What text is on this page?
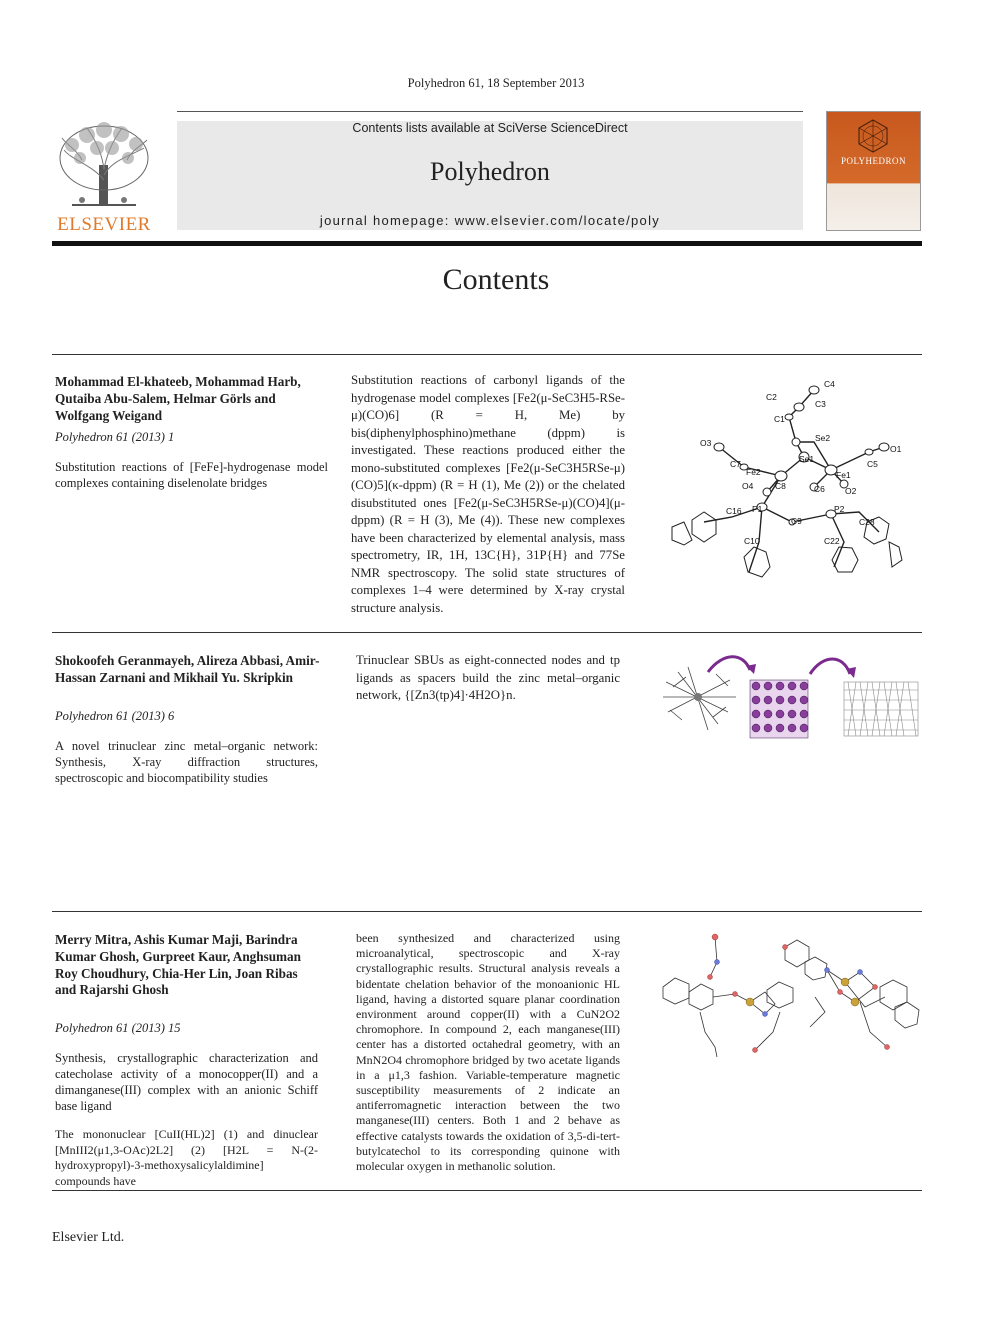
Polyhedron 61, 18 September 2013
ELSEVIER
Contents lists available at SciVerse ScienceDirect
Polyhedron
journal homepage: www.elsevier.com/locate/poly
POLYHEDRON
Contents
Mohammad El-khateeb, Mohammad Harb, Qutaiba Abu-Salem, Helmar Görls and Wolfgang Weigand
Polyhedron 61 (2013) 1
Substitution reactions of [FeFe]-hydrogenase model complexes containing diselenolate bridges
Substitution reactions of carbonyl ligands of the hydrogenase model complexes [Fe2(μ-SeC3H5-RSe-μ)(CO)6] (R = H, Me) by bis(diphenylphosphino)methane (dppm) is investigated. These reactions produced either the mono-substituted complexes [Fe2(μ-SeC3H5RSe-μ)(CO)5](κ-dppm) (R = H (1), Me (2)) or the chelated disubstituted ones [Fe2(μ-SeC3H5RSe-μ)(CO)4](μ-dppm) (R = H (3), Me (4)). These new complexes have been characterized by elemental analysis, mass spectrometry, IR, 1H, 13C{H}, 31P{H} and 77Se NMR spectroscopy. The solid state structures of complexes 1–4 were determined by X-ray crystal structure analysis.
C4
C2
C3
C1
Se2
O3
Se1
O1
C7	C5
Fe2	Fe1
O4	C8	C6 O2
C16 P1	P2
C9	C28
C10	C22
Shokoofeh Geranmayeh, Alireza Abbasi, Amir-Hassan Zarnani and Mikhail Yu. Skripkin
Polyhedron 61 (2013) 6
A novel trinuclear zinc metal–organic network: Synthesis, X-ray diffraction structures, spectroscopic and biocompatibility studies
Trinuclear SBUs as eight-connected nodes and tp ligands as spacers build the zinc metal–organic network, {[Zn3(tp)4]·4H2O}n.
Merry Mitra, Ashis Kumar Maji, Barindra Kumar Ghosh, Gurpreet Kaur, Anghsuman Roy Choudhury, Chia-Her Lin, Joan Ribas and Rajarshi Ghosh
Polyhedron 61 (2013) 15
Synthesis, crystallographic characterization and catecholase activity of a monocopper(II) and a dimanganese(III) complex with an anionic Schiff base ligand
The mononuclear [CuII(HL)2] (1) and dinuclear [MnIII2(μ1,3-OAc)2L2] (2) [H2L = N-(2-hydroxypropyl)-3-methoxysalicylaldimine] compounds have
been synthesized and characterized using microanalytical, spectroscopic and X-ray crystallographic results. Structural analysis reveals a bidentate chelation behavior of the monoanionic HL ligand, having a distorted square planar coordination environment around copper(II) with a CuN2O2 chromophore. In compound 2, each manganese(III) center has a distorted octahedral geometry, with an MnN2O4 chromophore bridged by two acetate ligands in a μ1,3 fashion. Variable-temperature magnetic susceptibility measurements of 2 indicate an antiferromagnetic interaction between the two manganese(III) centers. Both 1 and 2 behave as effective catalysts towards the oxidation of 3,5-di-tert-butylcatechol to its corresponding quinone with molecular oxygen in methanolic solution.
Elsevier Ltd.
